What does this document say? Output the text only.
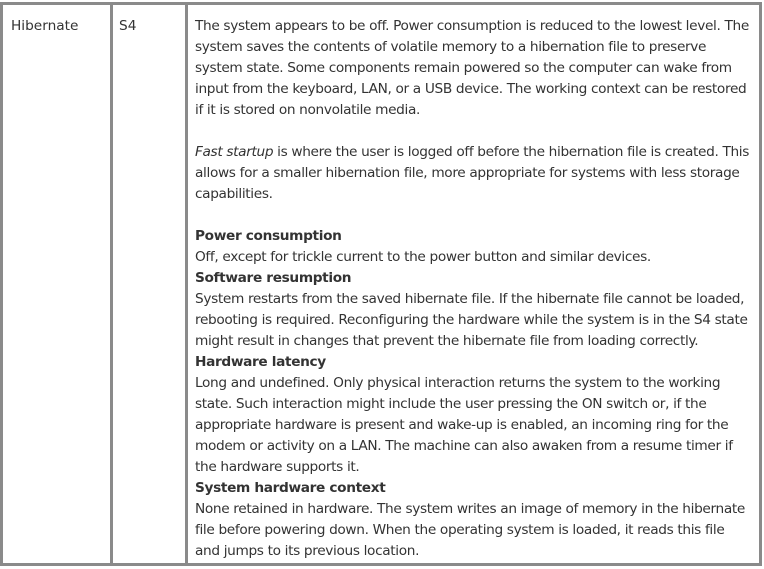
Hibernate	S4	The system appears to be off. Power consumption is reduced to the lowest level. The system saves the contents of volatile memory to a hibernation file to preserve system state. Some components remain powered so the computer can wake from input from the keyboard, LAN, or a USB device. The working context can be restored if it is stored on nonvolatile media.

Fast startup is where the user is logged off before the hibernation file is created. This allows for a smaller hibernation file, more appropriate for systems with less storage capabilities.

Power consumption

Off, except for trickle current to the power button and similar devices.

Software resumption

System restarts from the saved hibernate file. If the hibernate file cannot be loaded, rebooting is required. Reconfiguring the hardware while the system is in the S4 state might result in changes that prevent the hibernate file from loading correctly.

Hardware latency

Long and undefined. Only physical interaction returns the system to the working state. Such interaction might include the user pressing the ON switch or, if the appropriate hardware is present and wake-up is enabled, an incoming ring for the modem or activity on a LAN. The machine can also awaken from a resume timer if the hardware supports it.

System hardware context

None retained in hardware. The system writes an image of memory in the hibernate file before powering down. When the operating system is loaded, it reads this file and jumps to its previous location.
